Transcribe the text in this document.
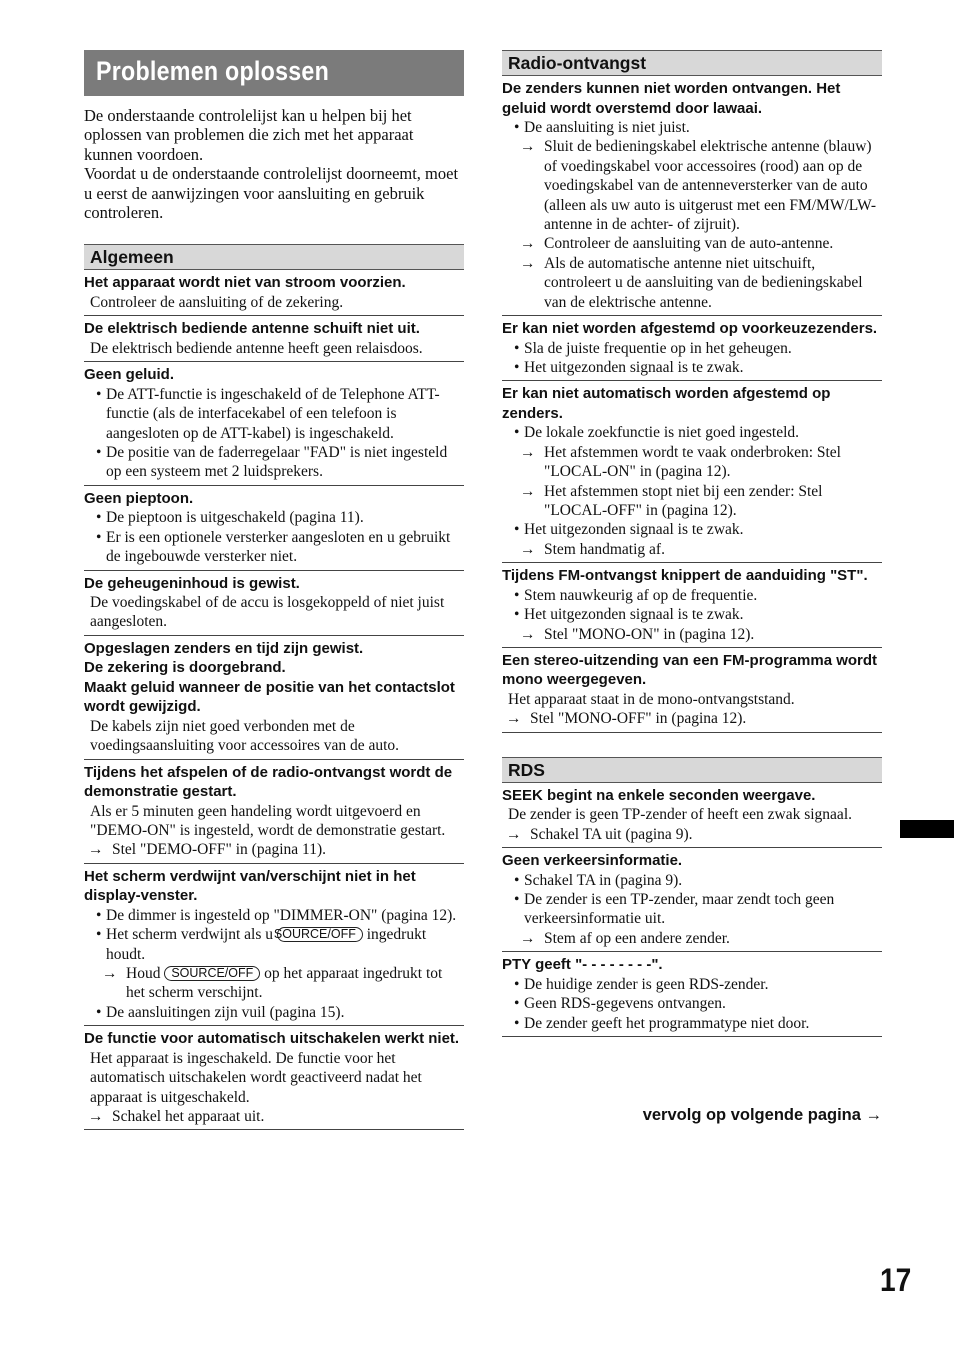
Problemen oplossen

De onderstaande controlelijst kan u helpen bij het oplossen van problemen die zich met het apparaat kunnen voordoen.

Voordat u de onderstaande controlelijst doorneemt, moet u eerst de aanwijzingen voor aansluiting en gebruik controleren.

Algemeen
Het apparaat wordt niet van stroom voorzien.
Controleer de aansluiting of de zekering.
De elektrisch bediende antenne schuift niet uit.
De elektrisch bediende antenne heeft geen relaisdoos.
Geen geluid.
• De ATT-functie is ingeschakeld of de Telephone ATT-functie (als de interfacekabel of een telefoon is aangesloten op de ATT-kabel) is ingeschakeld.
• De positie van de faderregelaar "FAD" is niet ingesteld op een systeem met 2 luidsprekers.
Geen pieptoon.
• De pieptoon is uitgeschakeld (pagina 11).
• Er is een optionele versterker aangesloten en u gebruikt de ingebouwde versterker niet.
De geheugeninhoud is gewist.
De voedingskabel of de accu is losgekoppeld of niet juist aangesloten.
Opgeslagen zenders en tijd zijn gewist.
De zekering is doorgebrand.
Maakt geluid wanneer de positie van het contactslot wordt gewijzigd.
De kabels zijn niet goed verbonden met de voedingsaansluiting voor accessoires van de auto.
Tijdens het afspelen of de radio-ontvangst wordt de demonstratie gestart.
Als er 5 minuten geen handeling wordt uitgevoerd en "DEMO-ON" is ingesteld, wordt de demonstratie gestart.
→ Stel "DEMO-OFF" in (pagina 11).
Het scherm verdwijnt van/verschijnt niet in het display-venster.
• De dimmer is ingesteld op "DIMMER-ON" (pagina 12).
• Het scherm verdwijnt als u SOURCE/OFF ingedrukt houdt.
→ Houd SOURCE/OFF op het apparaat ingedrukt tot het scherm verschijnt.
• De aansluitingen zijn vuil (pagina 15).
De functie voor automatisch uitschakelen werkt niet.
Het apparaat is ingeschakeld. De functie voor het automatisch uitschakelen wordt geactiveerd nadat het apparaat is uitgeschakeld.
→ Schakel het apparaat uit.
Radio-ontvangst
De zenders kunnen niet worden ontvangen. Het geluid wordt overstemd door lawaai.
• De aansluiting is niet juist.
→ Sluit de bedieningskabel elektrische antenne (blauw) of voedingskabel voor accessoires (rood) aan op de voedingskabel van de antenneversterker van de auto (alleen als uw auto is uitgerust met een FM/MW/LW-antenne in de achter- of zijruit).
→ Controleer de aansluiting van de auto-antenne.
→ Als de automatische antenne niet uitschuift, controleert u de aansluiting van de bedieningskabel van de elektrische antenne.
Er kan niet worden afgestemd op voorkeuzezenders.
• Sla de juiste frequentie op in het geheugen.
• Het uitgezonden signaal is te zwak.
Er kan niet automatisch worden afgestemd op zenders.
• De lokale zoekfunctie is niet goed ingesteld.
→ Het afstemmen wordt te vaak onderbroken: Stel "LOCAL-ON" in (pagina 12).
→ Het afstemmen stopt niet bij een zender: Stel "LOCAL-OFF" in (pagina 12).
• Het uitgezonden signaal is te zwak.
→ Stem handmatig af.
Tijdens FM-ontvangst knippert de aanduiding "ST".
• Stem nauwkeurig af op de frequentie.
• Het uitgezonden signaal is te zwak.
→ Stel "MONO-ON" in (pagina 12).
Een stereo-uitzending van een FM-programma wordt mono weergegeven.
Het apparaat staat in de mono-ontvangststand.
→ Stel "MONO-OFF" in (pagina 12).
RDS
SEEK begint na enkele seconden weergave.
De zender is geen TP-zender of heeft een zwak signaal.
→ Schakel TA uit (pagina 9).
Geen verkeersinformatie.
• Schakel TA in (pagina 9).
• De zender is een TP-zender, maar zendt toch geen verkeersinformatie uit.
→ Stem af op een andere zender.
PTY geeft "- - - - - - - -".
• De huidige zender is geen RDS-zender.
• Geen RDS-gegevens ontvangen.
• De zender geeft het programmatype niet door.
vervolg op volgende pagina →
17
